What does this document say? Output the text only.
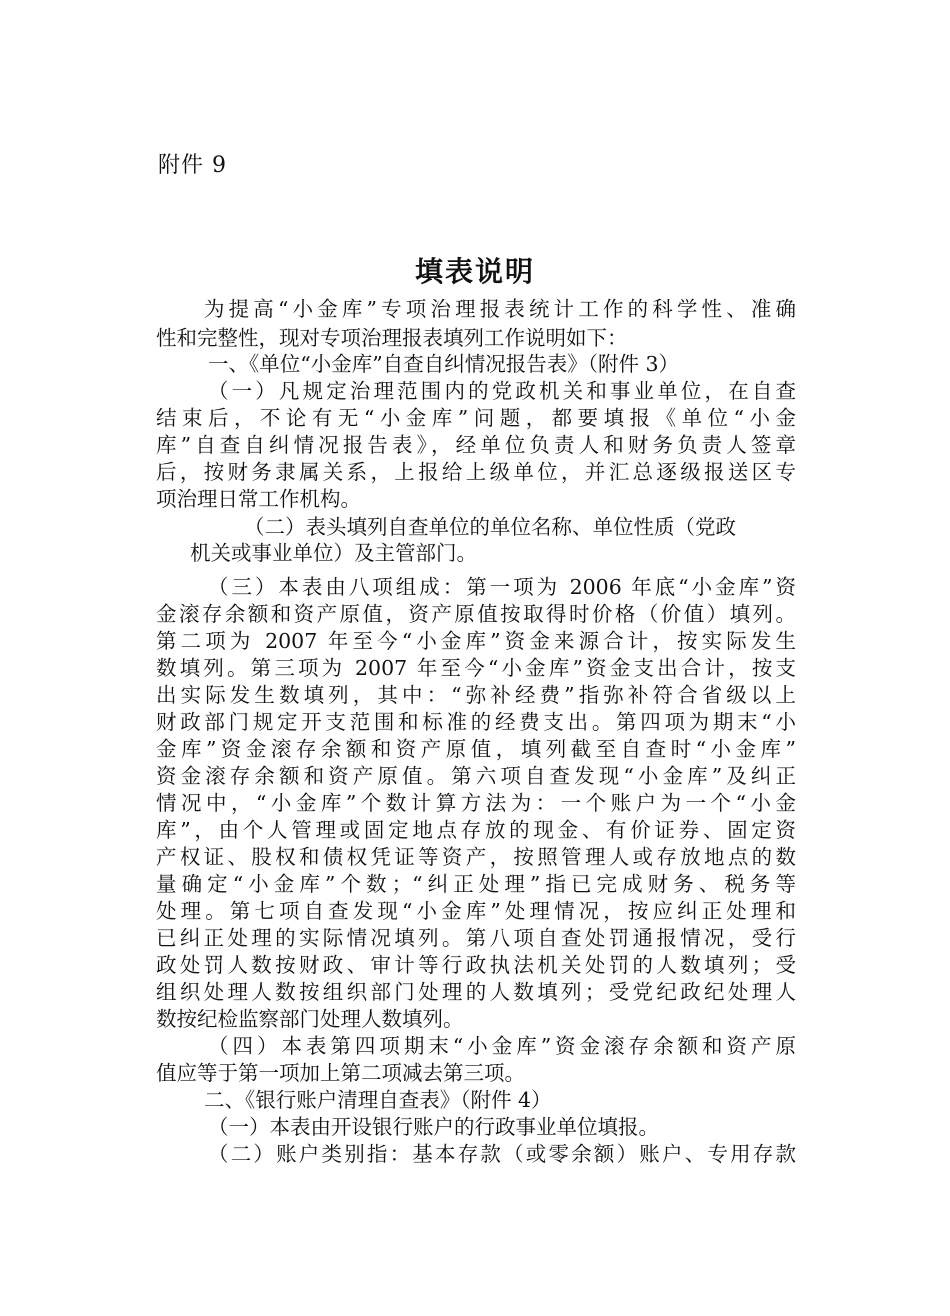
附件 9
填表说明
为提高“小金库”专项治理报表统计工作的科学性、准确
性和完整性，现对专项治理报表填列工作说明如下：
一、《单位“小金库”自查自纠情况报告表》（附件 3）
（一）凡规定治理范围内的党政机关和事业单位，在自查
结束后，不论有无“小金库”问题，都要填报《单位“小金
库”自查自纠情况报告表》，经单位负责人和财务负责人签章
后，按财务隶属关系，上报给上级单位，并汇总逐级报送区专
项治理日常工作机构。
（二）表头填列自查单位的单位名称、单位性质（党政
机关或事业单位）及主管部门。
（三）本表由八项组成：第一项为 2006 年底“小金库”资
金滚存余额和资产原值，资产原值按取得时价格（价值）填列。
第二项为 2007 年至今“小金库”资金来源合计，按实际发生
数填列。第三项为 2007 年至今“小金库”资金支出合计，按支
出实际发生数填列，其中：“弥补经费”指弥补符合省级以上
财政部门规定开支范围和标准的经费支出。第四项为期末“小
金库”资金滚存余额和资产原值，填列截至自查时“小金库”
资金滚存余额和资产原值。第六项自查发现“小金库”及纠正
情况中，“小金库”个数计算方法为：一个账户为一个“小金
库”，由个人管理或固定地点存放的现金、有价证券、固定资
产权证、股权和债权凭证等资产，按照管理人或存放地点的数
量确定“小金库”个数；“纠正处理”指已完成财务、税务等
处理。第七项自查发现“小金库”处理情况，按应纠正处理和
已纠正处理的实际情况填列。第八项自查处罚通报情况，受行
政处罚人数按财政、审计等行政执法机关处罚的人数填列；受
组织处理人数按组织部门处理的人数填列；受党纪政纪处理人
数按纪检监察部门处理人数填列。
（四）本表第四项期末“小金库”资金滚存余额和资产原
值应等于第一项加上第二项减去第三项。
二、《银行账户清理自查表》（附件 4）
（一）本表由开设银行账户的行政事业单位填报。
（二）账户类别指：基本存款（或零余额）账户、专用存款
